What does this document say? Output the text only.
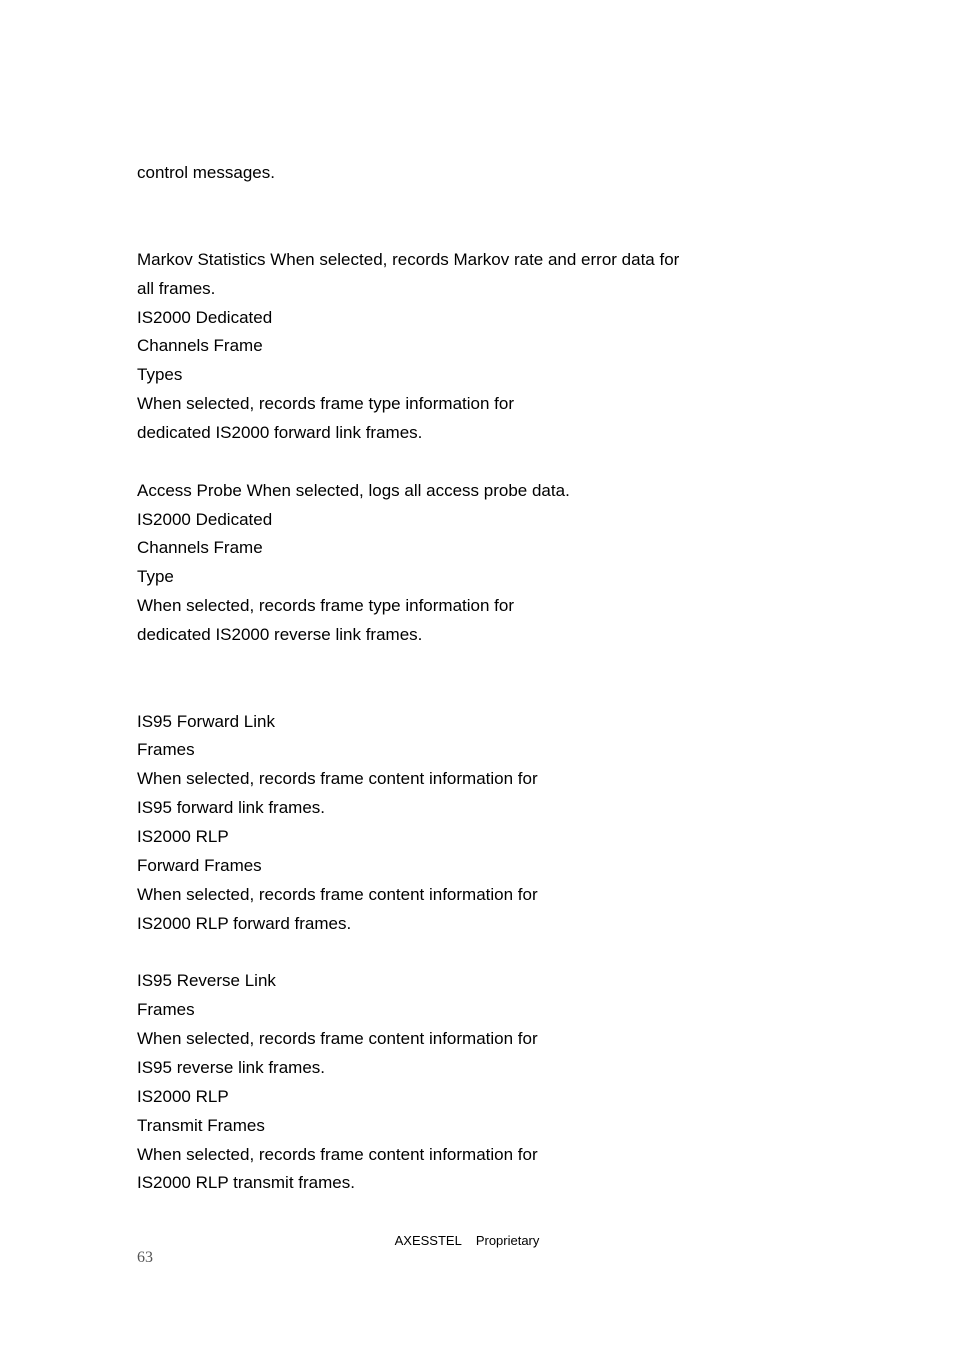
control messages.
Markov Statistics When selected, records Markov rate and error data for
all frames.
IS2000 Dedicated
Channels Frame
Types
When selected, records frame type information for
dedicated IS2000 forward link frames.
Access Probe When selected, logs all access probe data.
IS2000 Dedicated
Channels Frame
Type
When selected, records frame type information for
dedicated IS2000 reverse link frames.
IS95 Forward Link
Frames
When selected, records frame content information for
IS95 forward link frames.
IS2000 RLP
Forward Frames
When selected, records frame content information for
IS2000 RLP forward frames.
IS95 Reverse Link
Frames
When selected, records frame content information for
IS95 reverse link frames.
IS2000 RLP
Transmit Frames
When selected, records frame content information for
IS2000 RLP transmit frames.
AXESSTEL Proprietary
63
